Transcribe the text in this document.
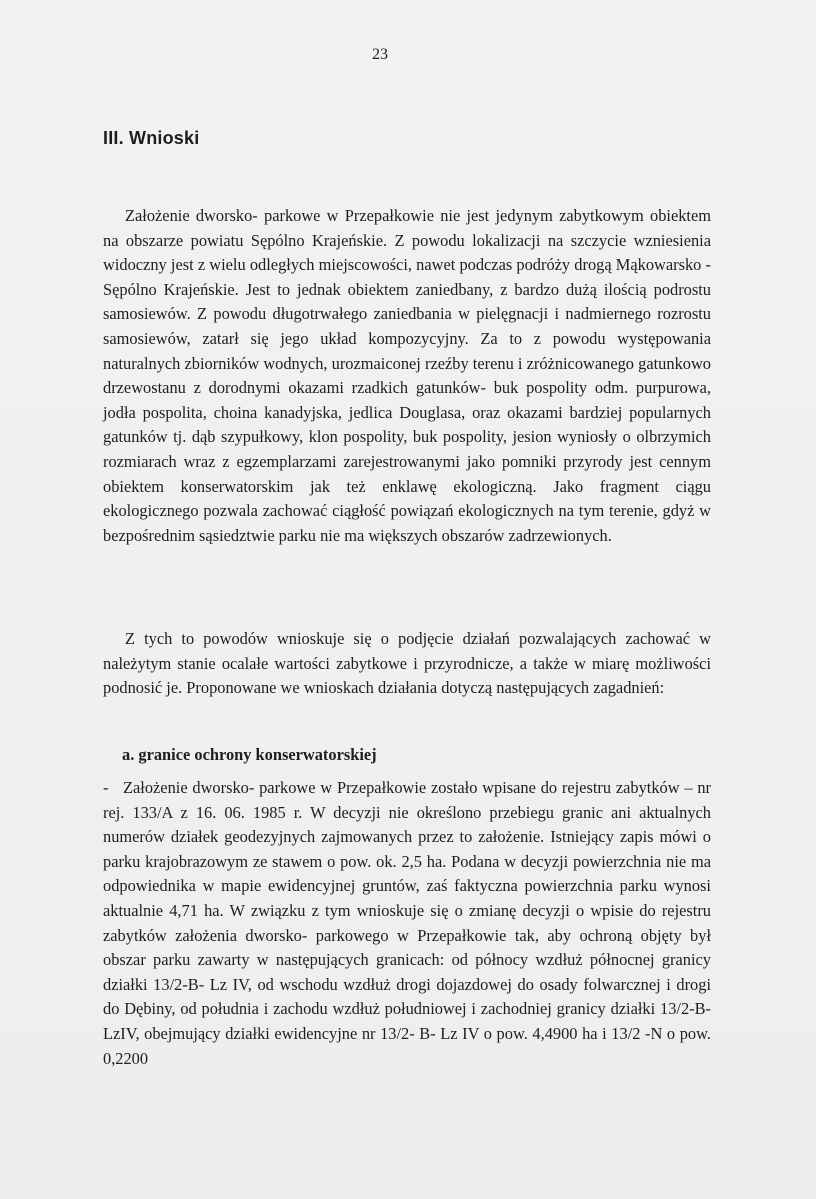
23
III. Wnioski

Założenie dworsko- parkowe w Przepałkowie nie jest jedynym zabytkowym obiektem na obszarze powiatu Sępólno Krajeńskie. Z powodu lokalizacji na szczycie wzniesienia widoczny jest z wielu odległych miejscowości, nawet podczas podróży drogą Mąkowarsko - Sępólno Krajeńskie. Jest to jednak obiektem zaniedbany, z bardzo dużą ilością podrostu samosiewów. Z powodu długotrwałego zaniedbania w pielęgnacji i nadmiernego rozrostu samosiewów, zatarł się jego układ kompozycyjny. Za to z powodu występowania naturalnych zbiorników wodnych, urozmaiconej rzeźby terenu i zróżnicowanego gatunkowo drzewostanu z dorodnymi okazami rzadkich gatunków- buk pospolity odm. purpurowa, jodła pospolita, choina kanadyjska, jedlica Douglasa, oraz okazami bardziej popularnych gatunków tj. dąb szypułkowy, klon pospolity, buk pospolity, jesion wyniosły o olbrzymich rozmiarach wraz z egzemplarzami zarejestrowanymi jako pomniki przyrody jest cennym obiektem konserwatorskim jak też enklawę ekologiczną. Jako fragment ciągu ekologicznego pozwala zachować ciągłość powiązań ekologicznych na tym terenie, gdyż w bezpośrednim sąsiedztwie parku nie ma większych obszarów zadrzewionych.

Z tych to powodów wnioskuje się o podjęcie działań pozwalających zachować w należytym stanie ocalałe wartości zabytkowe i przyrodnicze, a także w miarę możliwości podnosić je. Proponowane we wnioskach działania dotyczą następujących zagadnień:

a. granice ochrony konserwatorskiej

- Założenie dworsko- parkowe w Przepałkowie zostało wpisane do rejestru zabytków – nr rej. 133/A z 16. 06. 1985 r. W decyzji nie określono przebiegu granic ani aktualnych numerów działek geodezyjnych zajmowanych przez to założenie. Istniejący zapis mówi o parku krajobrazowym ze stawem o pow. ok. 2,5 ha. Podana w decyzji powierzchnia nie ma odpowiednika w mapie ewidencyjnej gruntów, zaś faktyczna powierzchnia parku wynosi aktualnie 4,71 ha. W związku z tym wnioskuje się o zmianę decyzji o wpisie do rejestru zabytków założenia dworsko- parkowego w Przepałkowie tak, aby ochroną objęty był obszar parku zawarty w następujących granicach: od północy wzdłuż północnej granicy działki 13/2-B- Lz IV, od wschodu wzdłuż drogi dojazdowej do osady folwarcznej i drogi do Dębiny, od południa i zachodu wzdłuż południowej i zachodniej granicy działki 13/2-B-LzIV, obejmujący działki ewidencyjne nr 13/2- B- Lz IV o pow. 4,4900 ha i 13/2 -N o pow. 0,2200
